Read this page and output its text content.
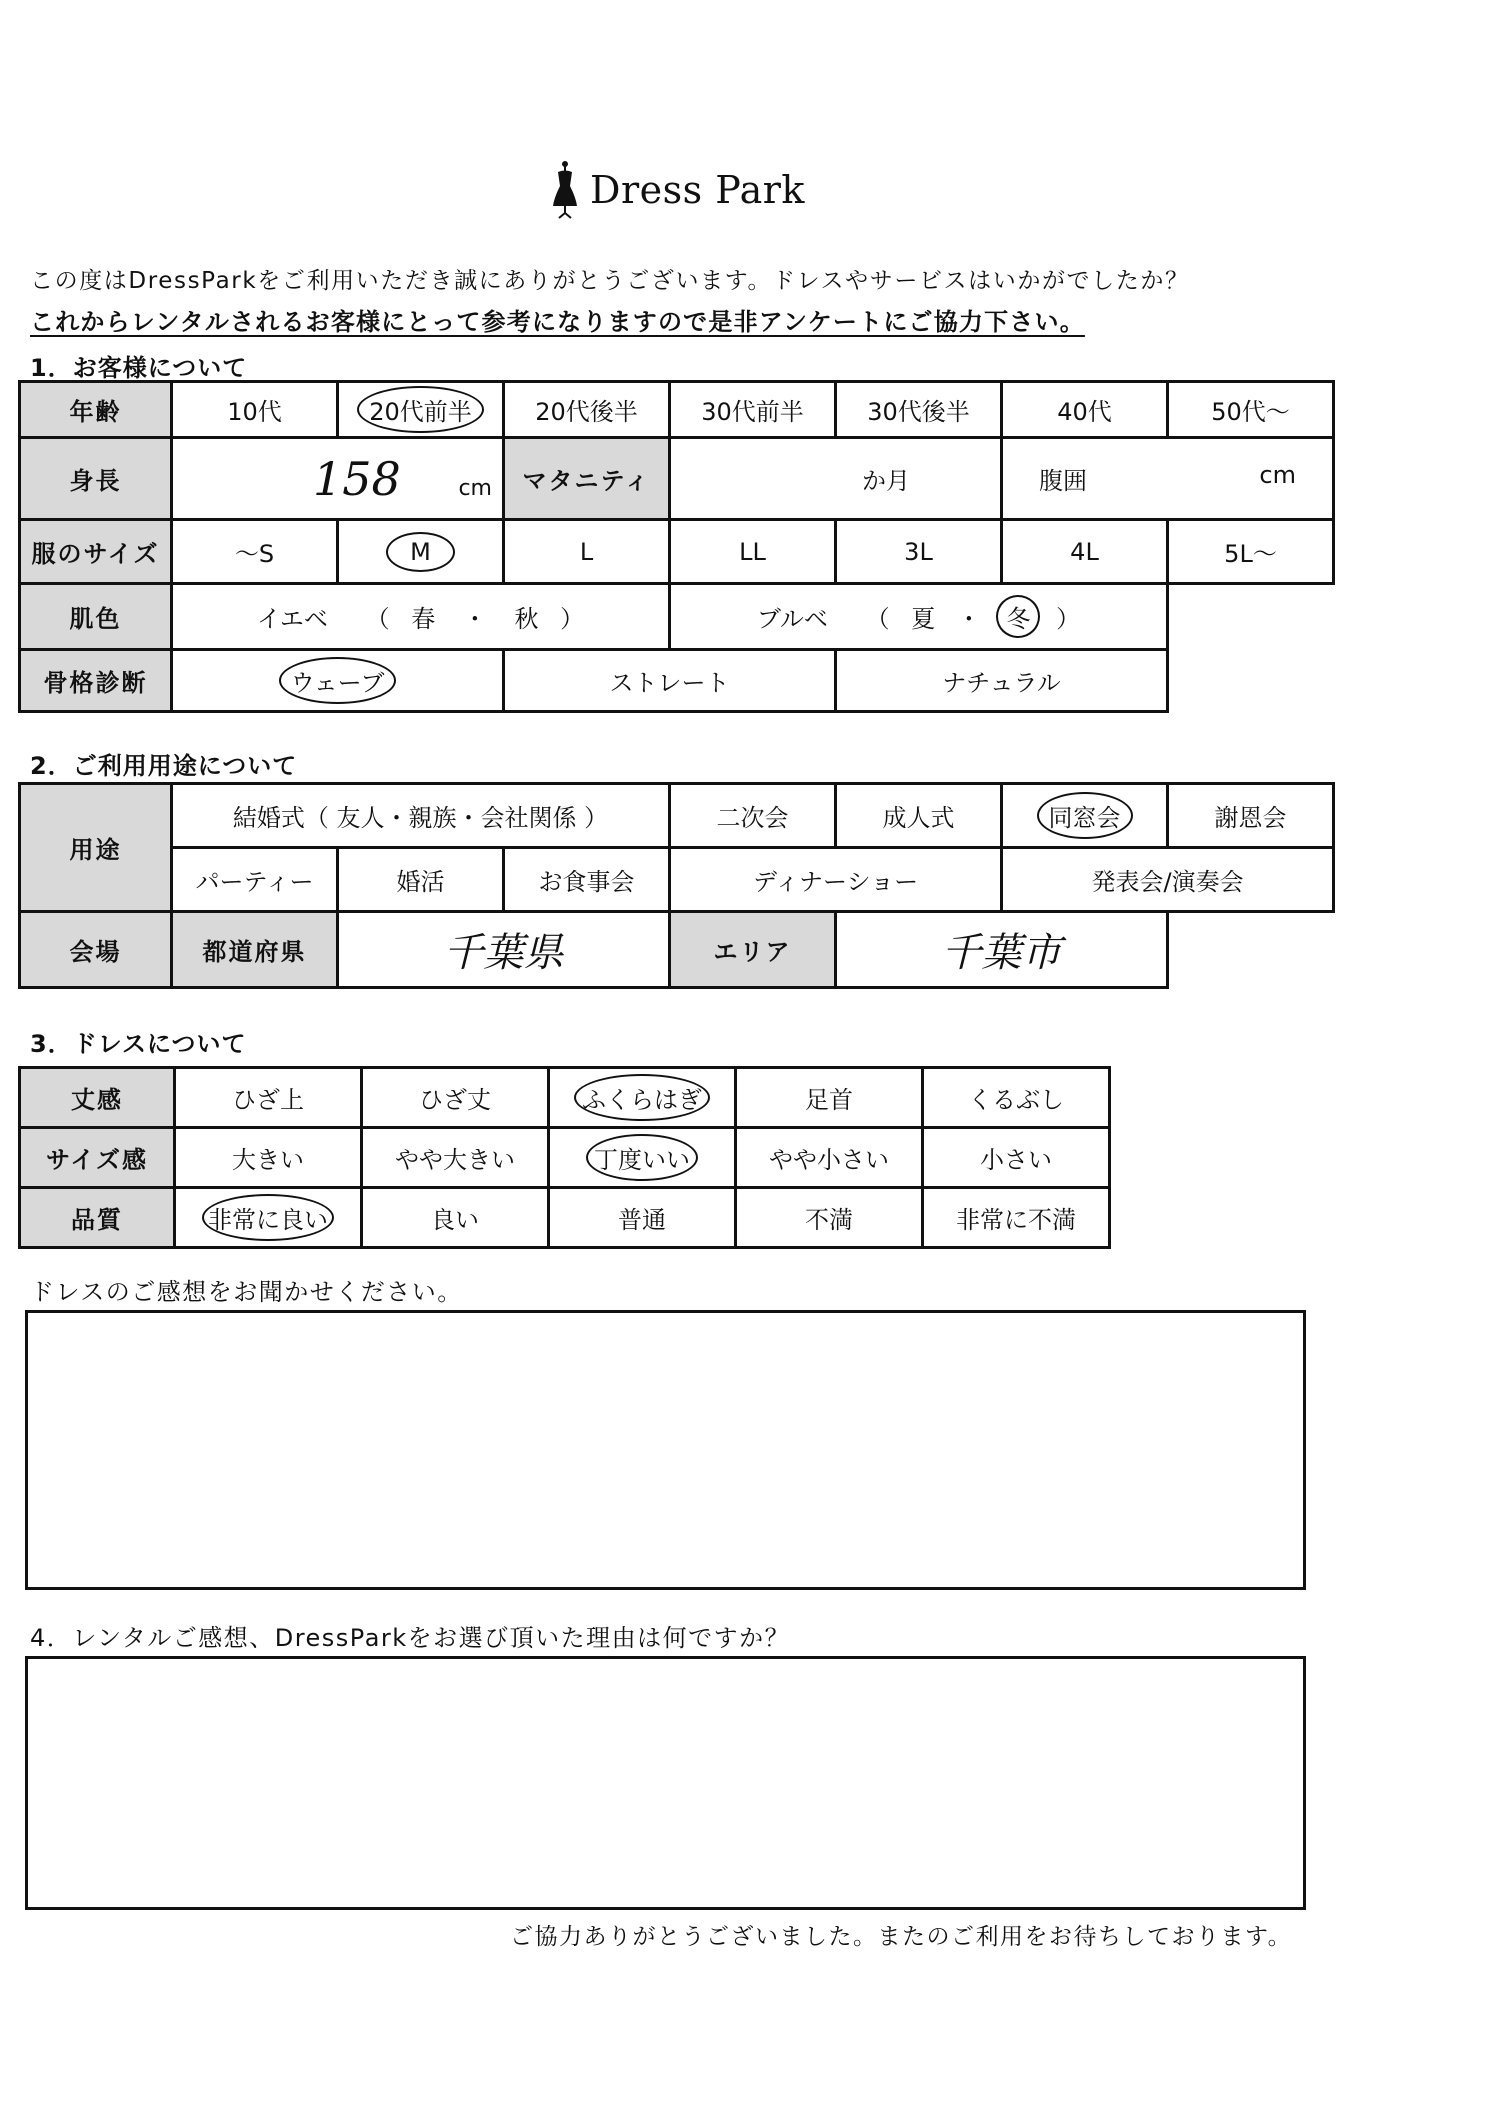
Dress Park
この度はDressParkをご利用いただき誠にありがとうございます。ドレスやサービスはいかがでしたか？
これからレンタルされるお客様にとって参考になりますので是非アンケートにご協力下さい。
1．お客様について
年齢	10代	20代前半	20代後半	30代前半	30代後半	40代	50代～
身長	158 cm		マタニティ	か月		腹囲 cm	

服のサイズ	～S	M	L	LL	3L	4L	5L～
肌色	イエベ （ 春 ・ 秋 ）			ブルベ （ 夏 ・ 冬 ）			
骨格診断	ウェーブ		ストレート		ナチュラル		
2．ご利用用途について
用途	結婚式（ 友人・親族・会社関係 ）			二次会	成人式	同窓会	謝恩会
	パーティー	婚活	お食事会	ディナーショー		発表会/演奏会	
会場	都道府県	千葉県		エリア	千葉市		
3．ドレスについて
丈感	ひざ上	ひざ丈	ふくらはぎ	足首	くるぶし
サイズ感	大きい	やや大きい	丁度いい	やや小さい	小さい
品質	非常に良い	良い	普通	不満	非常に不満
ドレスのご感想をお聞かせください。
4．レンタルご感想、DressParkをお選び頂いた理由は何ですか？
ご協力ありがとうございました。またのご利用をお待ちしております。
